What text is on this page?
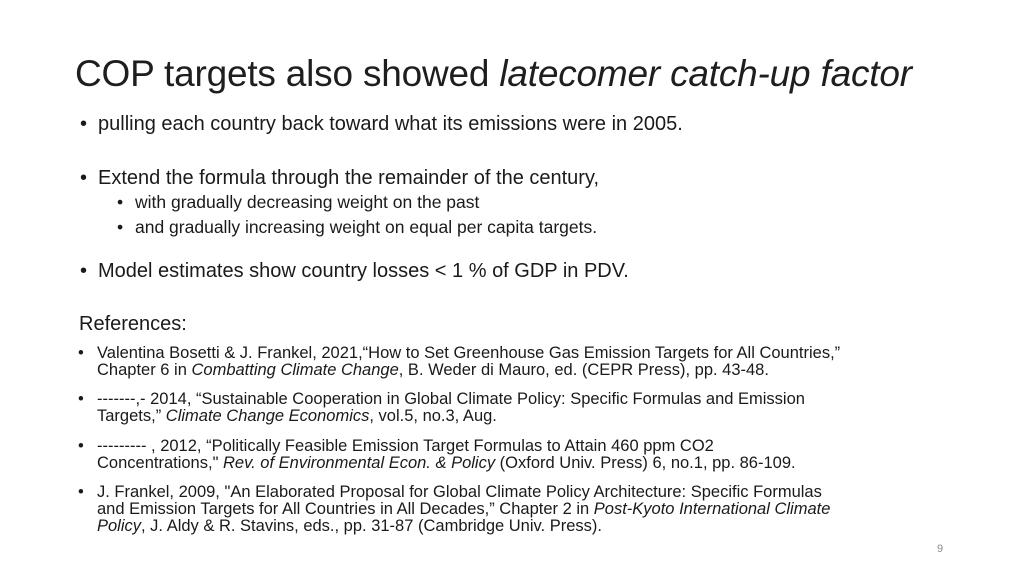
COP targets also showed latecomer catch-up factor
• pulling each country back toward what its emissions were in 2005.
• Extend the formula through the remainder of the century,
• with gradually decreasing weight on the past
• and gradually increasing weight on equal per capita targets.
• Model estimates show country losses < 1 % of GDP in PDV.
References:
• Valentina Bosetti & J. Frankel, 2021,“How to Set Greenhouse Gas Emission Targets for All Countries,”
Chapter 6 in Combatting Climate Change, B. Weder di Mauro, ed. (CEPR Press), pp. 43-48.
• -------,- 2014, “Sustainable Cooperation in Global Climate Policy: Specific Formulas and Emission
Targets,” Climate Change Economics, vol.5, no.3, Aug.
• --------- , 2012, “Politically Feasible Emission Target Formulas to Attain 460 ppm CO2
Concentrations," Rev. of Environmental Econ. & Policy (Oxford Univ. Press) 6, no.1, pp. 86-109.
• J. Frankel, 2009, "An Elaborated Proposal for Global Climate Policy Architecture: Specific Formulas
and Emission Targets for All Countries in All Decades,” Chapter 2 in Post-Kyoto International Climate
Policy, J. Aldy & R. Stavins, eds., pp. 31-87 (Cambridge Univ. Press).
9
